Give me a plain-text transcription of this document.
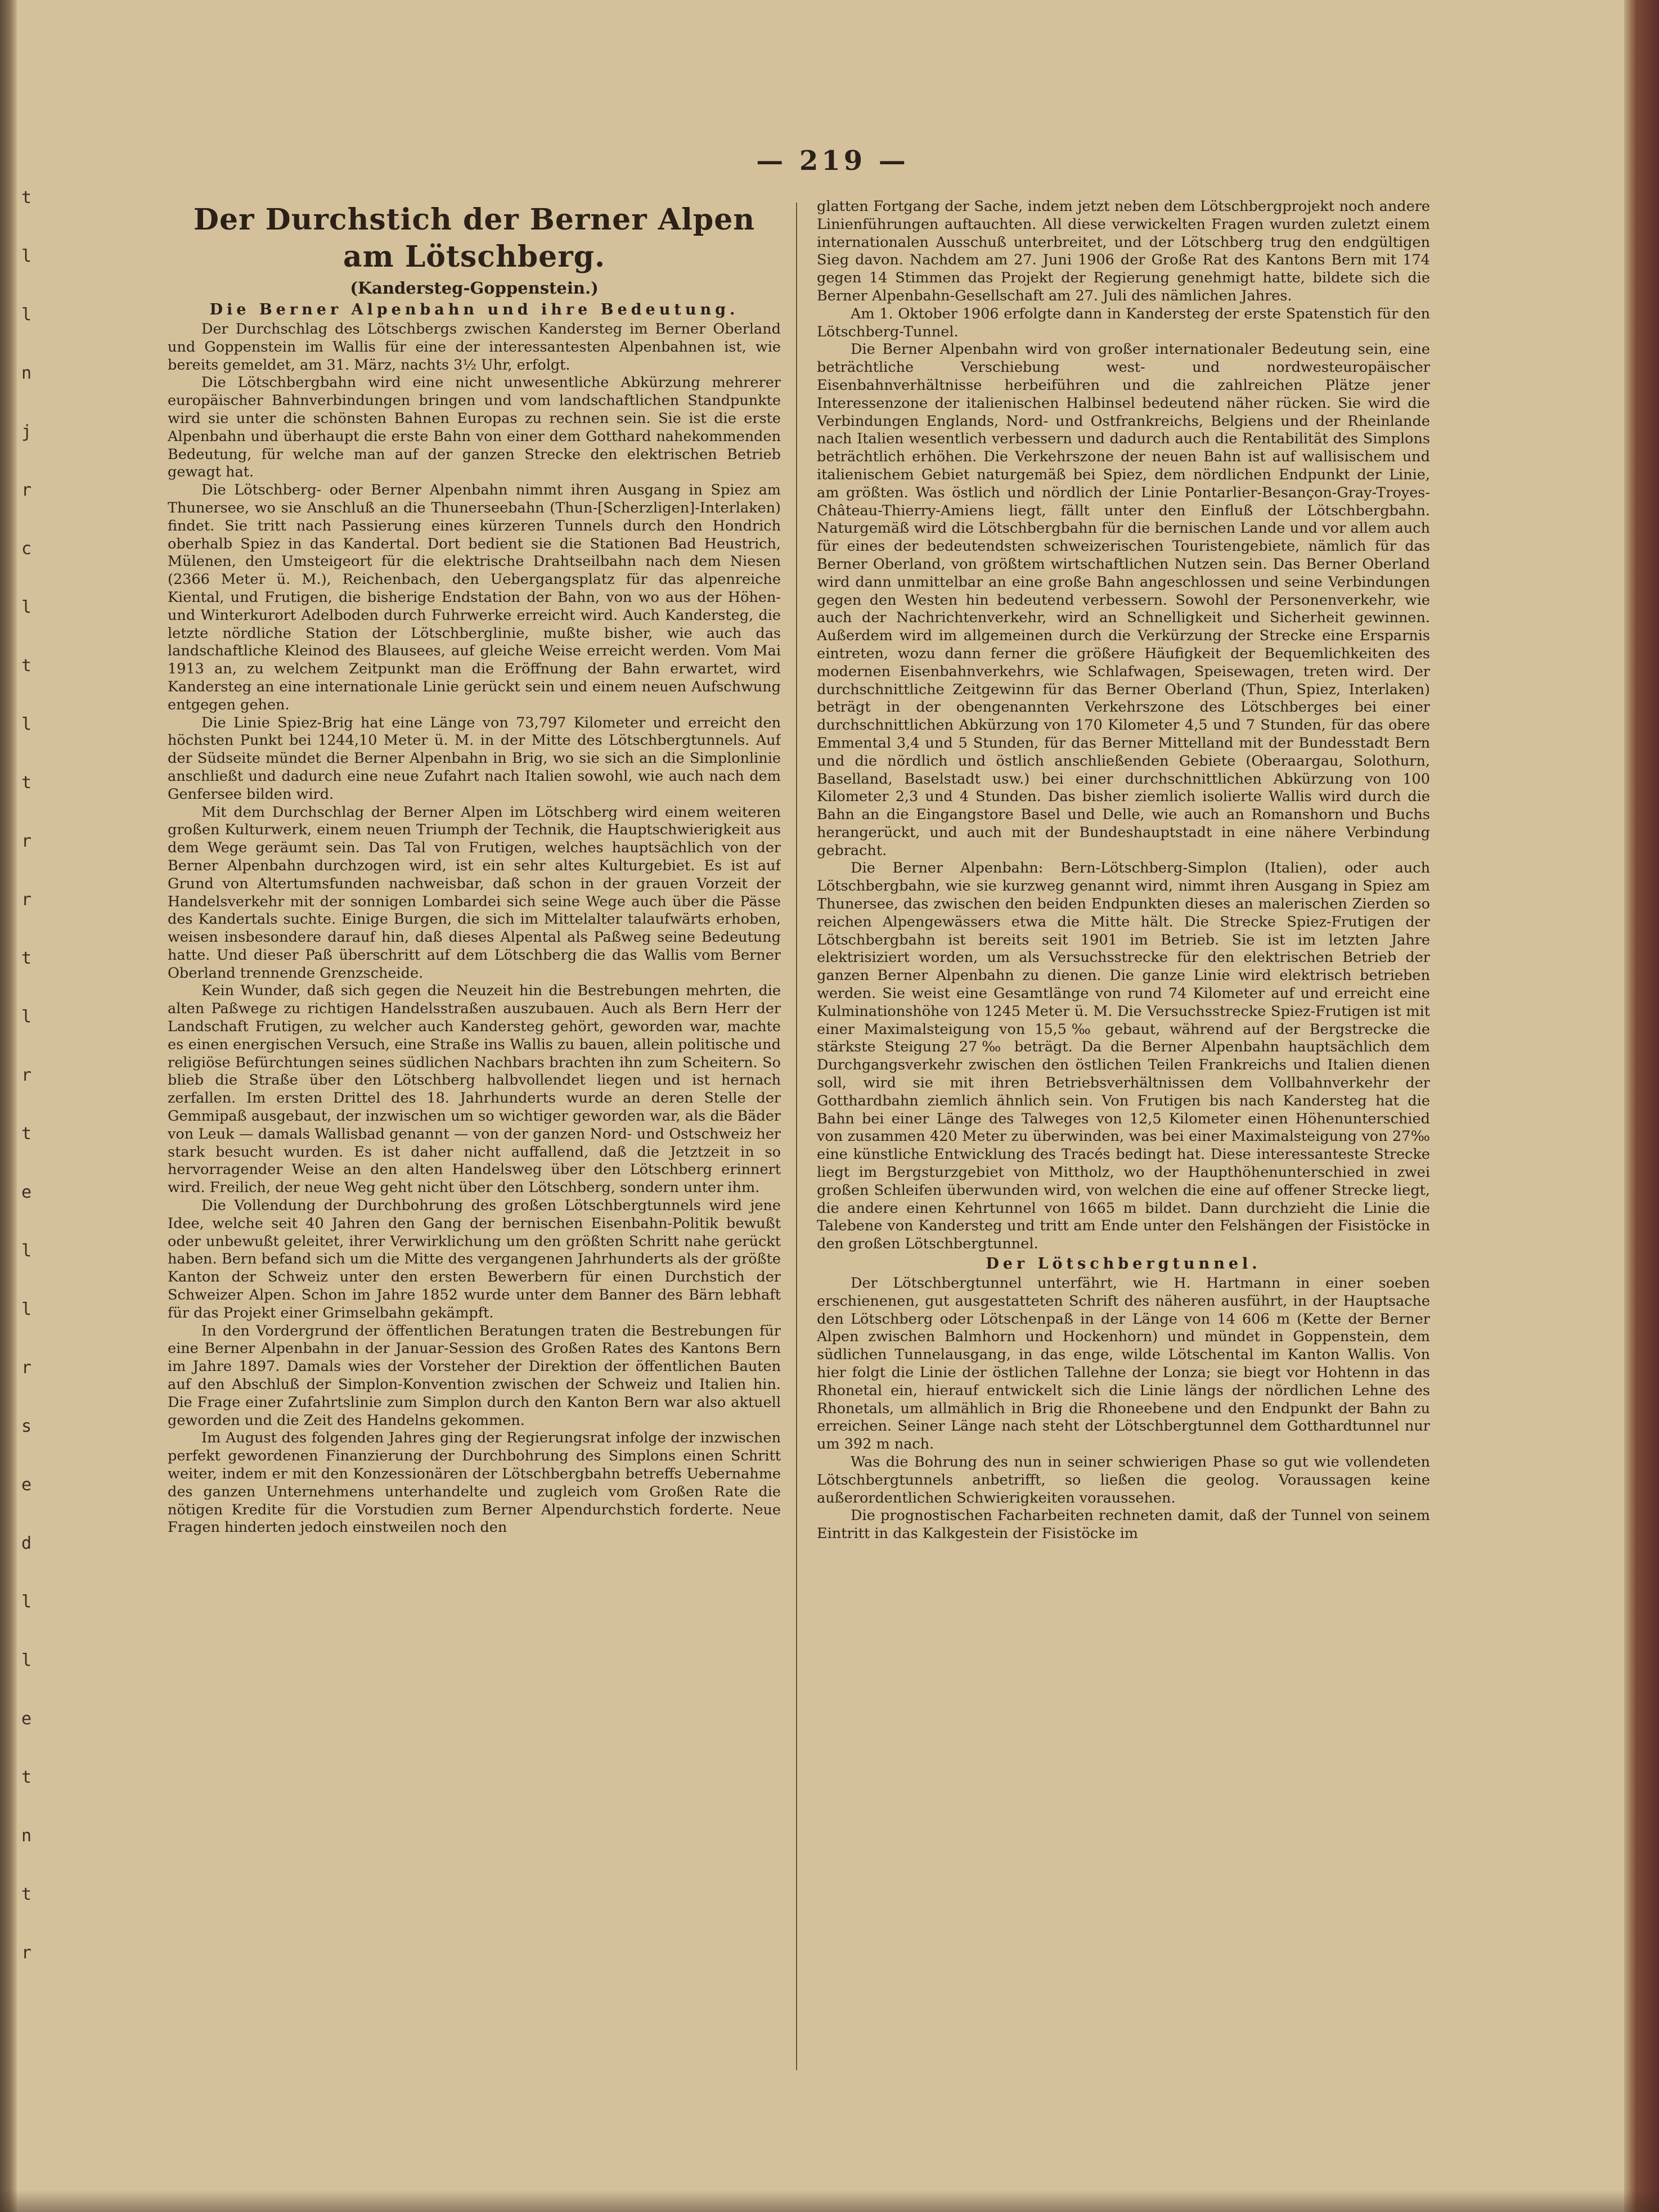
t
l
l
n
j
r
c
l
t
l
t
r
r
t
l
r
t
e
l
l
r
s
e
d
l
l
e
t
n
t
r
— 219 —
Der Durchstich der Berner Alpen am Lötschberg.
(Kandersteg-Goppenstein.)
Die Berner Alpenbahn und ihre Bedeutung.

Der Durchschlag des Lötschbergs zwischen Kandersteg im Berner Oberland und Goppenstein im Wallis für eine der interessantesten Alpenbahnen ist, wie bereits gemeldet, am 31. März, nachts 3½ Uhr, erfolgt.

Die Lötschbergbahn wird eine nicht unwesentliche Abkürzung mehrerer europäischer Bahnverbindungen bringen und vom landschaftlichen Standpunkte wird sie unter die schönsten Bahnen Europas zu rechnen sein. Sie ist die erste Alpenbahn und überhaupt die erste Bahn von einer dem Gotthard nahekommenden Bedeutung, für welche man auf der ganzen Strecke den elektrischen Betrieb gewagt hat.

Die Lötschberg- oder Berner Alpenbahn nimmt ihren Ausgang in Spiez am Thunersee, wo sie Anschluß an die Thunerseebahn (Thun-[Scherzligen]-Interlaken) findet. Sie tritt nach Passierung eines kürzeren Tunnels durch den Hondrich oberhalb Spiez in das Kandertal. Dort bedient sie die Stationen Bad Heustrich, Mülenen, den Umsteigeort für die elektrische Drahtseilbahn nach dem Niesen (2366 Meter ü. M.), Reichenbach, den Uebergangsplatz für das alpenreiche Kiental, und Frutigen, die bisherige Endstation der Bahn, von wo aus der Höhen- und Winterkurort Adelboden durch Fuhrwerke erreicht wird. Auch Kandersteg, die letzte nördliche Station der Lötschberglinie, mußte bisher, wie auch das landschaftliche Kleinod des Blausees, auf gleiche Weise erreicht werden. Vom Mai 1913 an, zu welchem Zeitpunkt man die Eröffnung der Bahn erwartet, wird Kandersteg an eine internationale Linie gerückt sein und einem neuen Aufschwung entgegen gehen.

Die Linie Spiez-Brig hat eine Länge von 73,797 Kilometer und erreicht den höchsten Punkt bei 1244,10 Meter ü. M. in der Mitte des Lötschbergtunnels. Auf der Südseite mündet die Berner Alpenbahn in Brig, wo sie sich an die Simplonlinie anschließt und dadurch eine neue Zufahrt nach Italien sowohl, wie auch nach dem Genfersee bilden wird.

Mit dem Durchschlag der Berner Alpen im Lötschberg wird einem weiteren großen Kulturwerk, einem neuen Triumph der Technik, die Hauptschwierigkeit aus dem Wege geräumt sein. Das Tal von Frutigen, welches hauptsächlich von der Berner Alpenbahn durchzogen wird, ist ein sehr altes Kulturgebiet. Es ist auf Grund von Altertumsfunden nachweisbar, daß schon in der grauen Vorzeit der Handelsverkehr mit der sonnigen Lombardei sich seine Wege auch über die Pässe des Kandertals suchte. Einige Burgen, die sich im Mittelalter talaufwärts erhoben, weisen insbesondere darauf hin, daß dieses Alpental als Paßweg seine Bedeutung hatte. Und dieser Paß überschritt auf dem Lötschberg die das Wallis vom Berner Oberland trennende Grenzscheide.

Kein Wunder, daß sich gegen die Neuzeit hin die Bestrebungen mehrten, die alten Paßwege zu richtigen Handelsstraßen auszubauen. Auch als Bern Herr der Landschaft Frutigen, zu welcher auch Kandersteg gehört, geworden war, machte es einen energischen Versuch, eine Straße ins Wallis zu bauen, allein politische und religiöse Befürchtungen seines südlichen Nachbars brachten ihn zum Scheitern. So blieb die Straße über den Lötschberg halbvollendet liegen und ist hernach zerfallen. Im ersten Drittel des 18. Jahrhunderts wurde an deren Stelle der Gemmipaß ausgebaut, der inzwischen um so wichtiger geworden war, als die Bäder von Leuk — damals Wallisbad genannt — von der ganzen Nord- und Ostschweiz her stark besucht wurden. Es ist daher nicht auffallend, daß die Jetztzeit in so hervorragender Weise an den alten Handelsweg über den Lötschberg erinnert wird. Freilich, der neue Weg geht nicht über den Lötschberg, sondern unter ihm.

Die Vollendung der Durchbohrung des großen Lötschbergtunnels wird jene Idee, welche seit 40 Jahren den Gang der bernischen Eisenbahn-Politik bewußt oder unbewußt geleitet, ihrer Verwirklichung um den größten Schritt nahe gerückt haben. Bern befand sich um die Mitte des vergangenen Jahrhunderts als der größte Kanton der Schweiz unter den ersten Bewerbern für einen Durchstich der Schweizer Alpen. Schon im Jahre 1852 wurde unter dem Banner des Bärn lebhaft für das Projekt einer Grimselbahn gekämpft.

In den Vordergrund der öffentlichen Beratungen traten die Bestrebungen für eine Berner Alpenbahn in der Januar-Session des Großen Rates des Kantons Bern im Jahre 1897. Damals wies der Vorsteher der Direktion der öffentlichen Bauten auf den Abschluß der Simplon-Konvention zwischen der Schweiz und Italien hin. Die Frage einer Zufahrtslinie zum Simplon durch den Kanton Bern war also aktuell geworden und die Zeit des Handelns gekommen.

Im August des folgenden Jahres ging der Regierungsrat infolge der inzwischen perfekt gewordenen Finanzierung der Durchbohrung des Simplons einen Schritt weiter, indem er mit den Konzessionären der Lötschbergbahn betreffs Uebernahme des ganzen Unternehmens unterhandelte und zugleich vom Großen Rate die nötigen Kredite für die Vorstudien zum Berner Alpendurchstich forderte. Neue Fragen hinderten jedoch einstweilen noch den

glatten Fortgang der Sache, indem jetzt neben dem Lötschbergprojekt noch andere Linienführungen auftauchten. All diese verwickelten Fragen wurden zuletzt einem internationalen Ausschuß unterbreitet, und der Lötschberg trug den endgültigen Sieg davon. Nachdem am 27. Juni 1906 der Große Rat des Kantons Bern mit 174 gegen 14 Stimmen das Projekt der Regierung genehmigt hatte, bildete sich die Berner Alpenbahn-Gesellschaft am 27. Juli des nämlichen Jahres.

Am 1. Oktober 1906 erfolgte dann in Kandersteg der erste Spatenstich für den Lötschberg-Tunnel.

Die Berner Alpenbahn wird von großer internationaler Bedeutung sein, eine beträchtliche Verschiebung west- und nordwesteuropäischer Eisenbahnverhältnisse herbeiführen und die zahlreichen Plätze jener Interessenzone der italienischen Halbinsel bedeutend näher rücken. Sie wird die Verbindungen Englands, Nord- und Ostfrankreichs, Belgiens und der Rheinlande nach Italien wesentlich verbessern und dadurch auch die Rentabilität des Simplons beträchtlich erhöhen. Die Verkehrszone der neuen Bahn ist auf wallisischem und italienischem Gebiet naturgemäß bei Spiez, dem nördlichen Endpunkt der Linie, am größten. Was östlich und nördlich der Linie Pontarlier-Besançon-Gray-Troyes-Château-Thierry-Amiens liegt, fällt unter den Einfluß der Lötschbergbahn. Naturgemäß wird die Lötschbergbahn für die bernischen Lande und vor allem auch für eines der bedeutendsten schweizerischen Touristengebiete, nämlich für das Berner Oberland, von größtem wirtschaftlichen Nutzen sein. Das Berner Oberland wird dann unmittelbar an eine große Bahn angeschlossen und seine Verbindungen gegen den Westen hin bedeutend verbessern. Sowohl der Personenverkehr, wie auch der Nachrichtenverkehr, wird an Schnelligkeit und Sicherheit gewinnen. Außerdem wird im allgemeinen durch die Verkürzung der Strecke eine Ersparnis eintreten, wozu dann ferner die größere Häufigkeit der Bequemlichkeiten des modernen Eisenbahnverkehrs, wie Schlafwagen, Speisewagen, treten wird. Der durchschnittliche Zeitgewinn für das Berner Oberland (Thun, Spiez, Interlaken) beträgt in der obengenannten Verkehrszone des Lötschberges bei einer durchschnittlichen Abkürzung von 170 Kilometer 4,5 und 7 Stunden, für das obere Emmental 3,4 und 5 Stunden, für das Berner Mittelland mit der Bundesstadt Bern und die nördlich und östlich anschließenden Gebiete (Oberaargau, Solothurn, Baselland, Baselstadt usw.) bei einer durchschnittlichen Abkürzung von 100 Kilometer 2,3 und 4 Stunden. Das bisher ziemlich isolierte Wallis wird durch die Bahn an die Eingangstore Basel und Delle, wie auch an Romanshorn und Buchs herangerückt, und auch mit der Bundeshauptstadt in eine nähere Verbindung gebracht.

Die Berner Alpenbahn: Bern-Lötschberg-Simplon (Italien), oder auch Lötschbergbahn, wie sie kurzweg genannt wird, nimmt ihren Ausgang in Spiez am Thunersee, das zwischen den beiden Endpunkten dieses an malerischen Zierden so reichen Alpengewässers etwa die Mitte hält. Die Strecke Spiez-Frutigen der Lötschbergbahn ist bereits seit 1901 im Betrieb. Sie ist im letzten Jahre elektrisiziert worden, um als Versuchsstrecke für den elektrischen Betrieb der ganzen Berner Alpenbahn zu dienen. Die ganze Linie wird elektrisch betrieben werden. Sie weist eine Gesamtlänge von rund 74 Kilometer auf und erreicht eine Kulminationshöhe von 1245 Meter ü. M. Die Versuchsstrecke Spiez-Frutigen ist mit einer Maximalsteigung von 15,5‰ gebaut, während auf der Bergstrecke die stärkste Steigung 27‰ beträgt. Da die Berner Alpenbahn hauptsächlich dem Durchgangsverkehr zwischen den östlichen Teilen Frankreichs und Italien dienen soll, wird sie mit ihren Betriebsverhältnissen dem Vollbahnverkehr der Gotthardbahn ziemlich ähnlich sein. Von Frutigen bis nach Kandersteg hat die Bahn bei einer Länge des Talweges von 12,5 Kilometer einen Höhenunterschied von zusammen 420 Meter zu überwinden, was bei einer Maximalsteigung von 27‰ eine künstliche Entwicklung des Tracés bedingt hat. Diese interessanteste Strecke liegt im Bergsturzgebiet von Mittholz, wo der Haupthöhenunterschied in zwei großen Schleifen überwunden wird, von welchen die eine auf offener Strecke liegt, die andere einen Kehrtunnel von 1665 m bildet. Dann durchzieht die Linie die Talebene von Kandersteg und tritt am Ende unter den Felshängen der Fisistöcke in den großen Lötschbergtunnel.

Der Lötschbergtunnel.

Der Lötschbergtunnel unterfährt, wie H. Hartmann in einer soeben erschienenen, gut ausgestatteten Schrift des näheren ausführt, in der Hauptsache den Lötschberg oder Lötschenpaß in der Länge von 14 606 m (Kette der Berner Alpen zwischen Balmhorn und Hockenhorn) und mündet in Goppenstein, dem südlichen Tunnelausgang, in das enge, wilde Lötschental im Kanton Wallis. Von hier folgt die Linie der östlichen Tallehne der Lonza; sie biegt vor Hohtenn in das Rhonetal ein, hierauf entwickelt sich die Linie längs der nördlichen Lehne des Rhonetals, um allmählich in Brig die Rhoneebene und den Endpunkt der Bahn zu erreichen. Seiner Länge nach steht der Lötschbergtunnel dem Gotthardtunnel nur um 392 m nach.

Was die Bohrung des nun in seiner schwierigen Phase so gut wie vollendeten Lötschbergtunnels anbetrifft, so ließen die geolog. Voraussagen keine außerordentlichen Schwierigkeiten voraussehen.

Die prognostischen Facharbeiten rechneten damit, daß der Tunnel von seinem Eintritt in das Kalkgestein der Fisistöcke im
